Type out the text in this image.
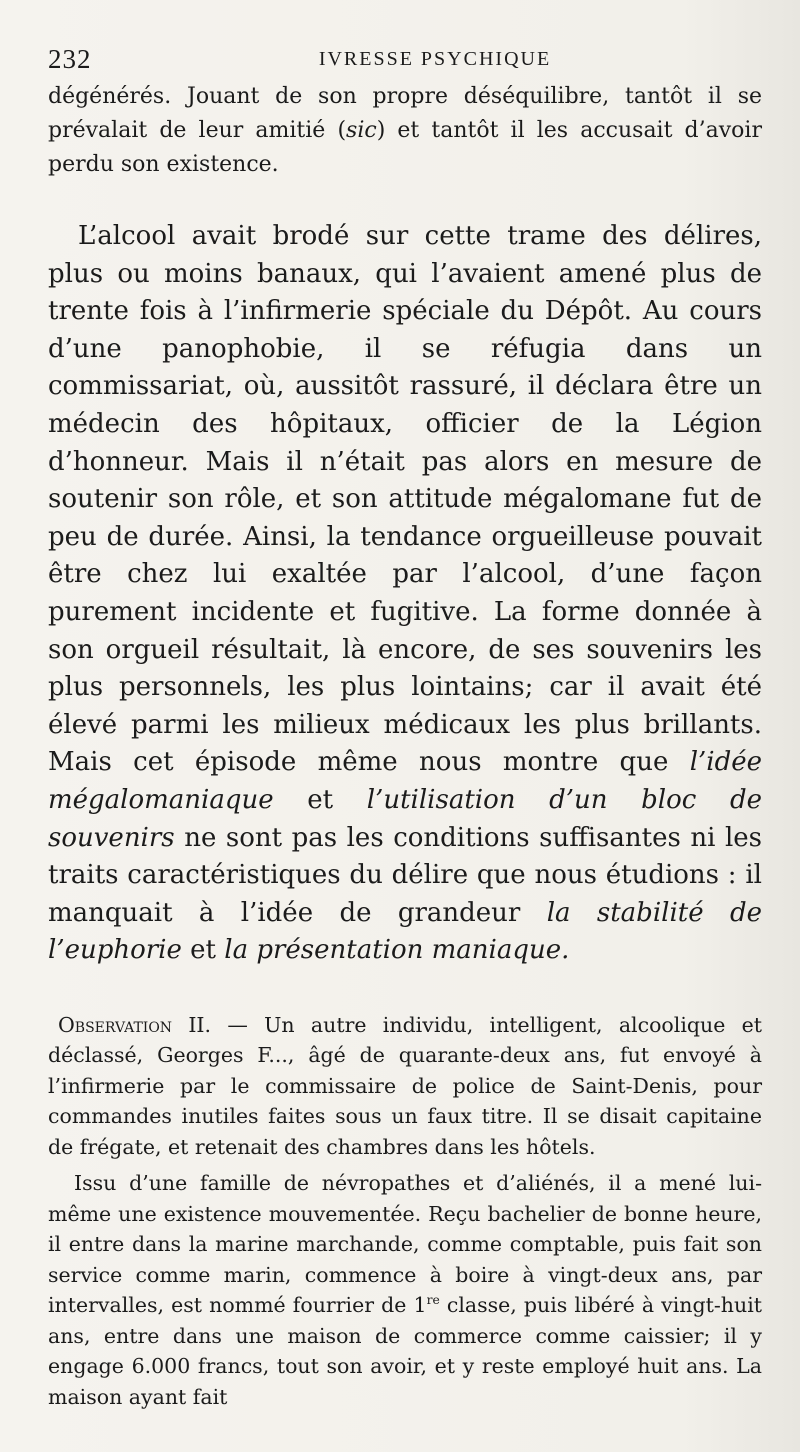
232	IVRESSE PSYCHIQUE

dégénérés. Jouant de son propre déséquilibre, tantôt il se prévalait de leur amitié (sic) et tantôt il les accusait d’avoir perdu son existence.

L’alcool avait brodé sur cette trame des délires, plus ou moins banaux, qui l’avaient amené plus de trente fois à l’infirmerie spéciale du Dépôt. Au cours d’une panophobie, il se réfugia dans un commissariat, où, aussitôt rassuré, il déclara être un médecin des hôpitaux, officier de la Légion d’honneur. Mais il n’était pas alors en mesure de soutenir son rôle, et son attitude mégalomane fut de peu de durée. Ainsi, la tendance orgueilleuse pouvait être chez lui exaltée par l’alcool, d’une façon purement incidente et fugitive. La forme donnée à son orgueil résultait, là encore, de ses souvenirs les plus personnels, les plus lointains; car il avait été élevé parmi les milieux médicaux les plus brillants. Mais cet épisode même nous montre que l’idée mégalomaniaque et l’utilisation d’un bloc de souvenirs ne sont pas les conditions suffisantes ni les traits caractéristiques du délire que nous étudions : il manquait à l’idée de grandeur la stabilité de l’euphorie et la présentation maniaque.

Observation II. — Un autre individu, intelligent, alcoolique et déclassé, Georges F..., âgé de quarante-deux ans, fut envoyé à l’infirmerie par le commissaire de police de Saint-Denis, pour commandes inutiles faites sous un faux titre. Il se disait capitaine de frégate, et retenait des chambres dans les hôtels.

Issu d’une famille de névropathes et d’aliénés, il a mené lui-même une existence mouvementée. Reçu bachelier de bonne heure, il entre dans la marine marchande, comme comptable, puis fait son service comme marin, commence à boire à vingt-deux ans, par intervalles, est nommé fourrier de 1re classe, puis libéré à vingt-huit ans, entre dans une maison de commerce comme caissier; il y engage 6.000 francs, tout son avoir, et y reste employé huit ans. La maison ayant fait
